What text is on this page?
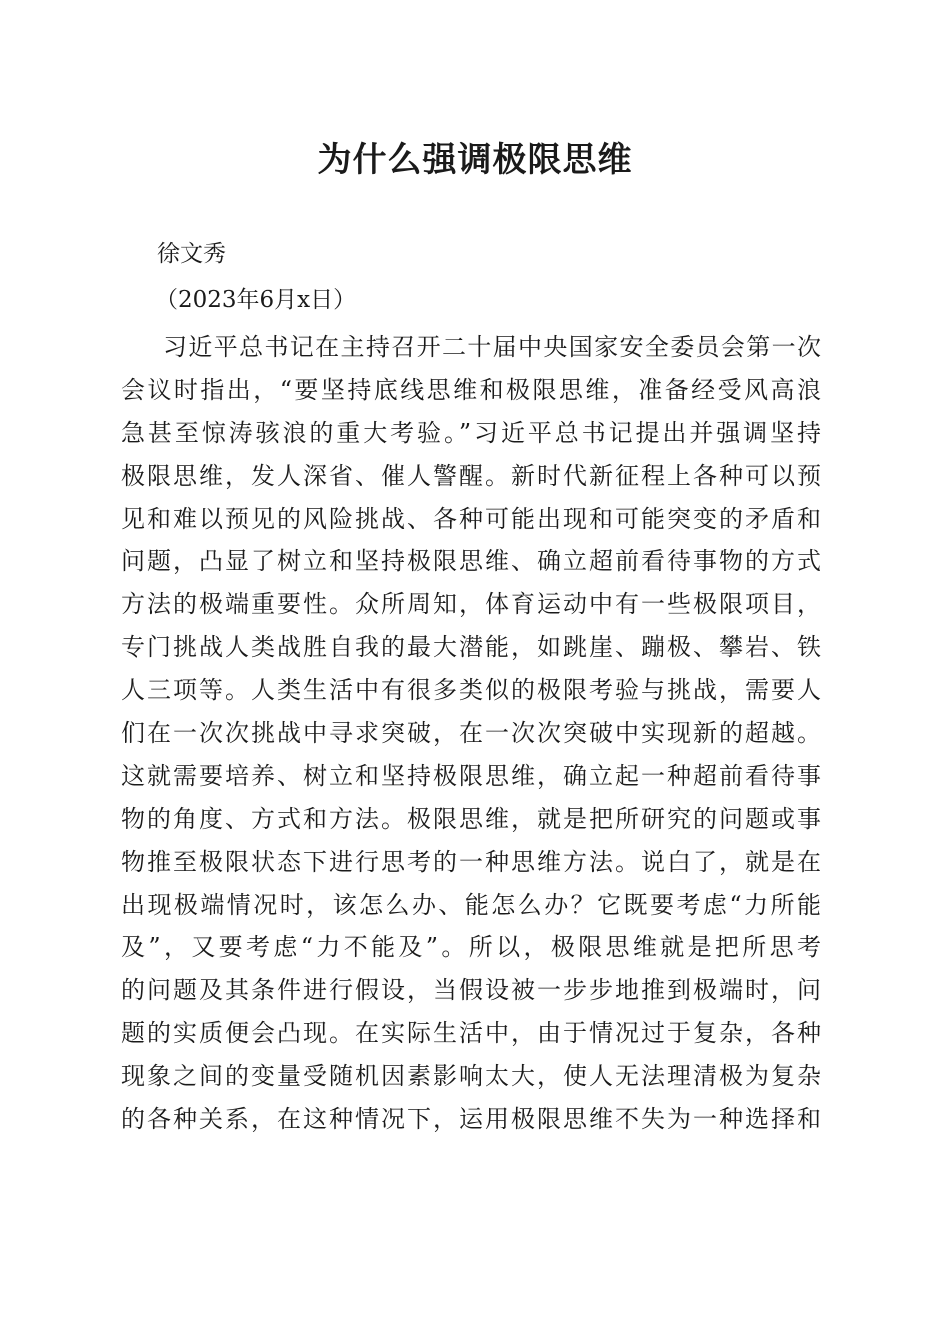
为什么强调极限思维
徐文秀
（2023年6月x日）
习近平总书记在主持召开二十届中央国家安全委员会第一次
会议时指出，“要坚持底线思维和极限思维，准备经受风高浪
急甚至惊涛骇浪的重大考验。”习近平总书记提出并强调坚持
极限思维，发人深省、催人警醒。新时代新征程上各种可以预
见和难以预见的风险挑战、各种可能出现和可能突变的矛盾和
问题，凸显了树立和坚持极限思维、确立超前看待事物的方式
方法的极端重要性。众所周知，体育运动中有一些极限项目，
专门挑战人类战胜自我的最大潜能，如跳崖、蹦极、攀岩、铁
人三项等。人类生活中有很多类似的极限考验与挑战，需要人
们在一次次挑战中寻求突破，在一次次突破中实现新的超越。
这就需要培养、树立和坚持极限思维，确立起一种超前看待事
物的角度、方式和方法。极限思维，就是把所研究的问题或事
物推至极限状态下进行思考的一种思维方法。说白了，就是在
出现极端情况时，该怎么办、能怎么办？它既要考虑“力所能
及”，又要考虑“力不能及”。所以，极限思维就是把所思考
的问题及其条件进行假设，当假设被一步步地推到极端时，问
题的实质便会凸现。在实际生活中，由于情况过于复杂，各种
现象之间的变量受随机因素影响太大，使人无法理清极为复杂
的各种关系，在这种情况下，运用极限思维不失为一种选择和
